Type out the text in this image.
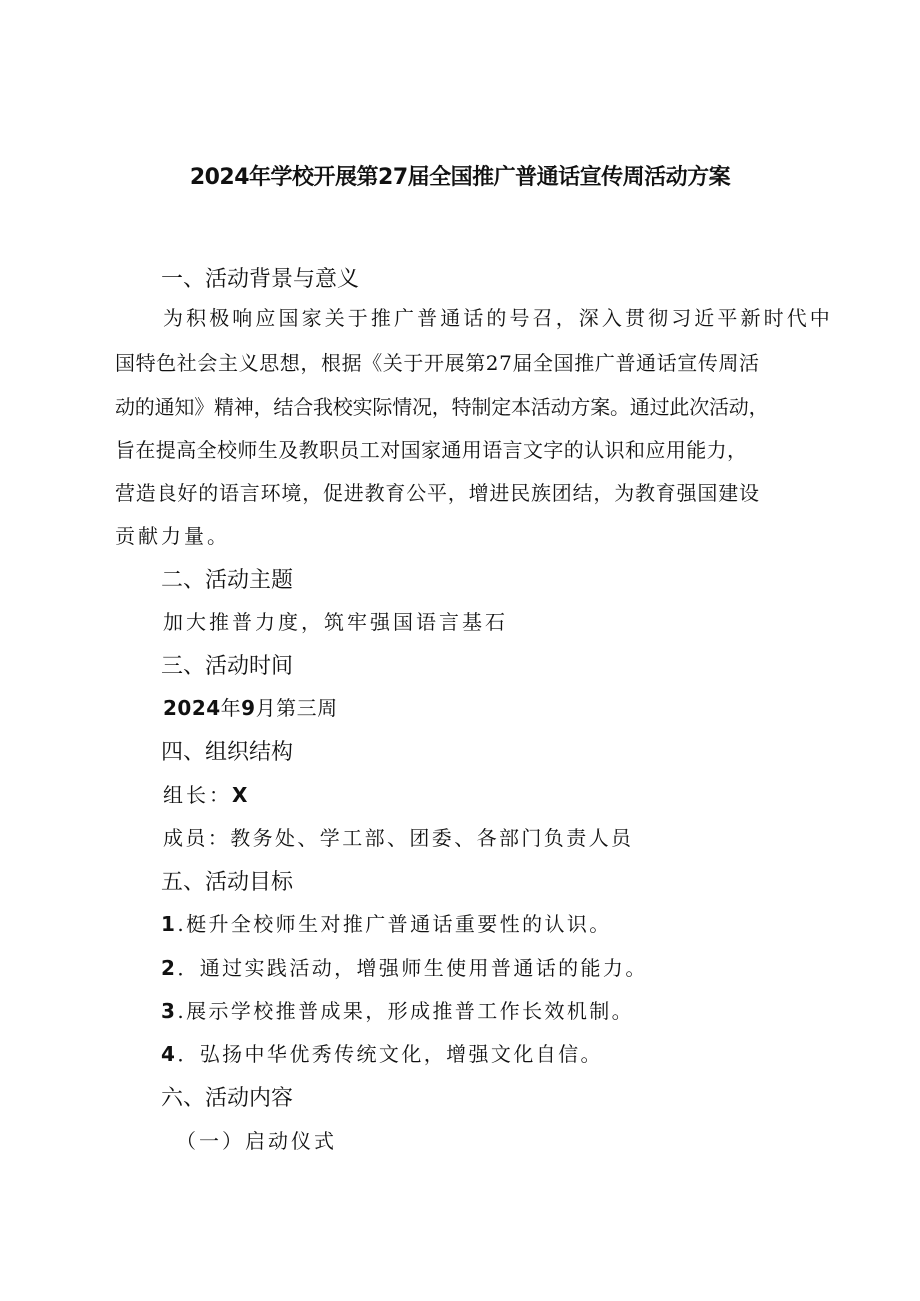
2024年学校开展第27届全国推广普通话宣传周活动方案
一、活动背景与意义
为积极响应国家关于推广普通话的号召，深入贯彻习近平新时代中
国特色社会主义思想，根据《关于开展第27届全国推广普通话宣传周活
动的通知》精神，结合我校实际情况，特制定本活动方案。通过此次活动，
旨在提高全校师生及教职员工对国家通用语言文字的认识和应用能力，
营造良好的语言环境，促进教育公平，增进民族团结，为教育强国建设
贡献力量。
二、活动主题
加大推普力度，筑牢强国语言基石
三、活动时间
2024年9月第三周
四、组织结构
组长：X
成员：教务处、学工部、团委、各部门负责人员
五、活动目标
1.梃升全校师生对推广普通话重要性的认识。
2．通过实践活动，增强师生使用普通话的能力。
3.展示学校推普成果，形成推普工作长效机制。
4．弘扬中华优秀传统文化，增强文化自信。
六、活动内容
（一）启动仪式
